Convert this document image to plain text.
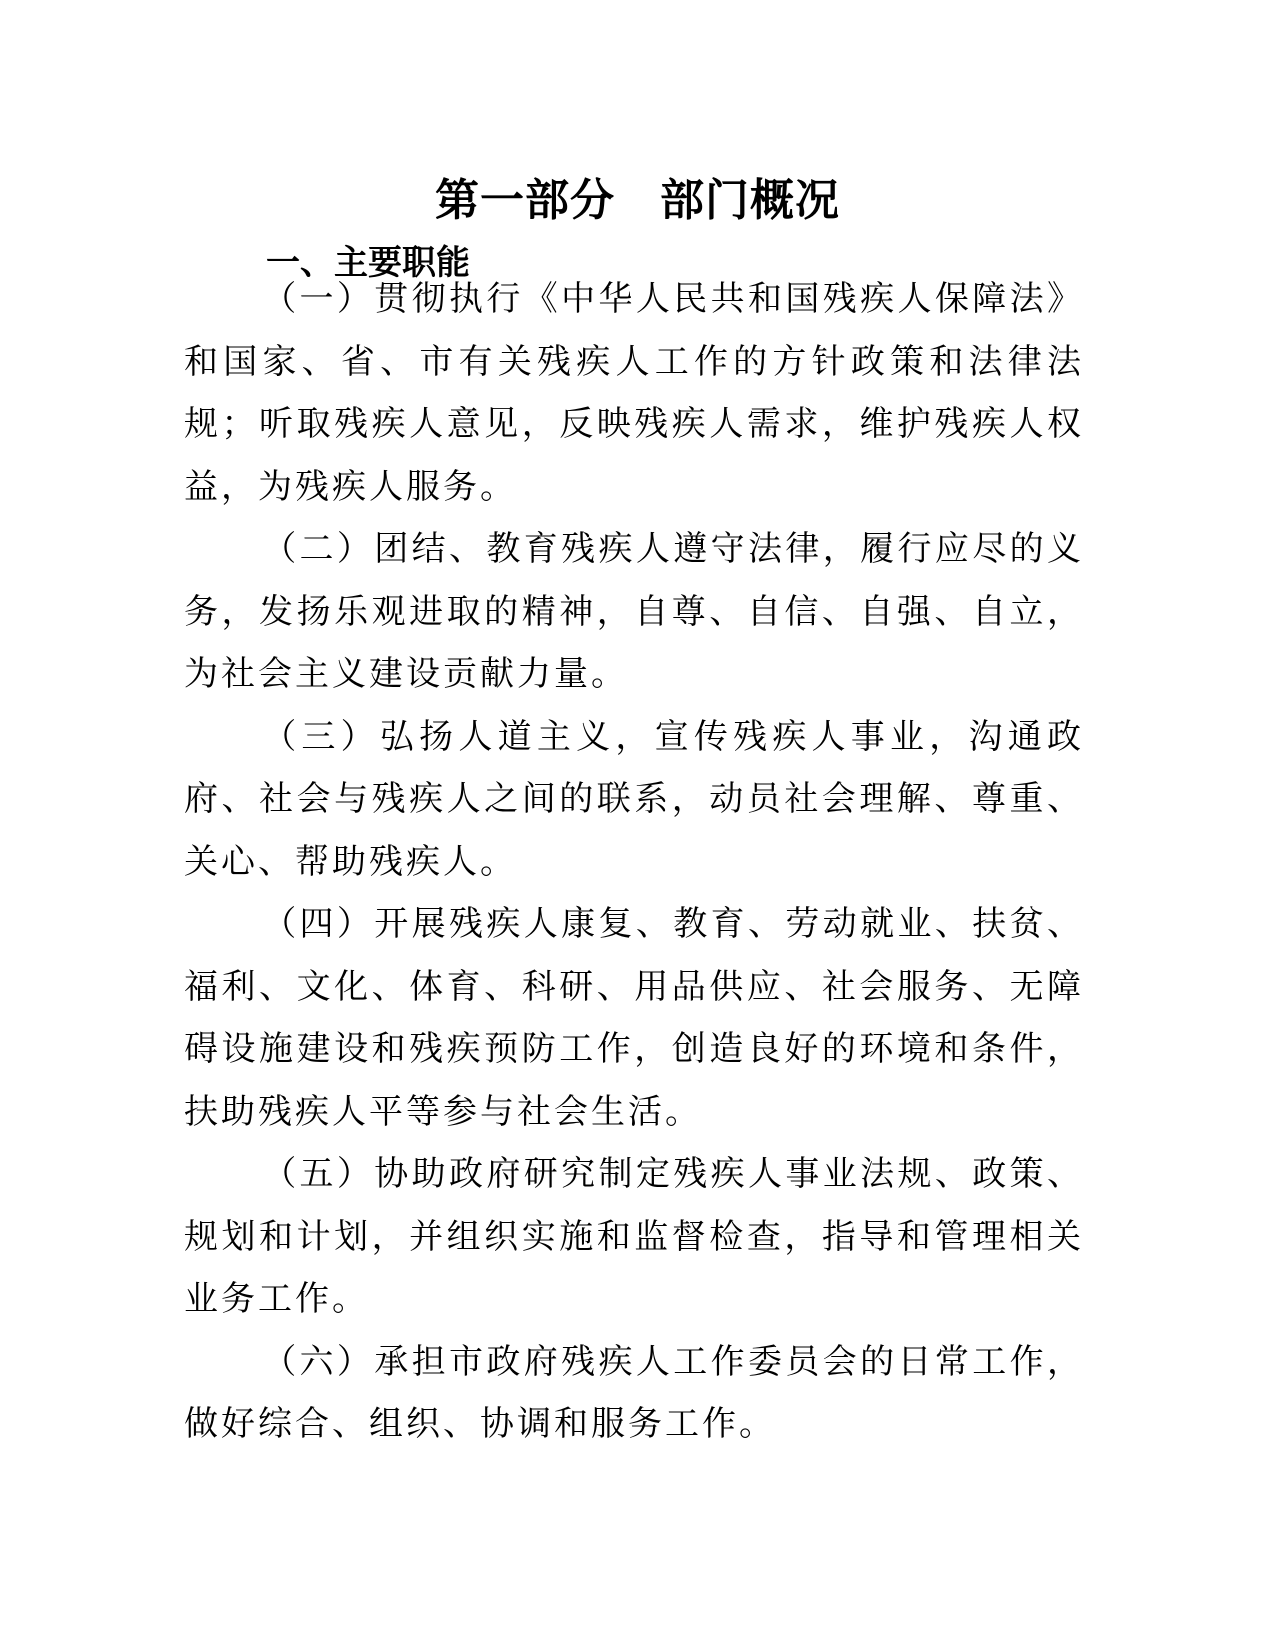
第一部分　部门概况
一、主要职能

（一）贯彻执行《中华人民共和国残疾人保障法》和国家、省、市有关残疾人工作的方针政策和法律法规；听取残疾人意见，反映残疾人需求，维护残疾人权益，为残疾人服务。

（二）团结、教育残疾人遵守法律，履行应尽的义务，发扬乐观进取的精神，自尊、自信、自强、自立，为社会主义建设贡献力量。

（三）弘扬人道主义，宣传残疾人事业，沟通政府、社会与残疾人之间的联系，动员社会理解、尊重、关心、帮助残疾人。

（四）开展残疾人康复、教育、劳动就业、扶贫、福利、文化、体育、科研、用品供应、社会服务、无障碍设施建设和残疾预防工作，创造良好的环境和条件，扶助残疾人平等参与社会生活。

（五）协助政府研究制定残疾人事业法规、政策、规划和计划，并组织实施和监督检查，指导和管理相关业务工作。

（六）承担市政府残疾人工作委员会的日常工作，做好综合、组织、协调和服务工作。
